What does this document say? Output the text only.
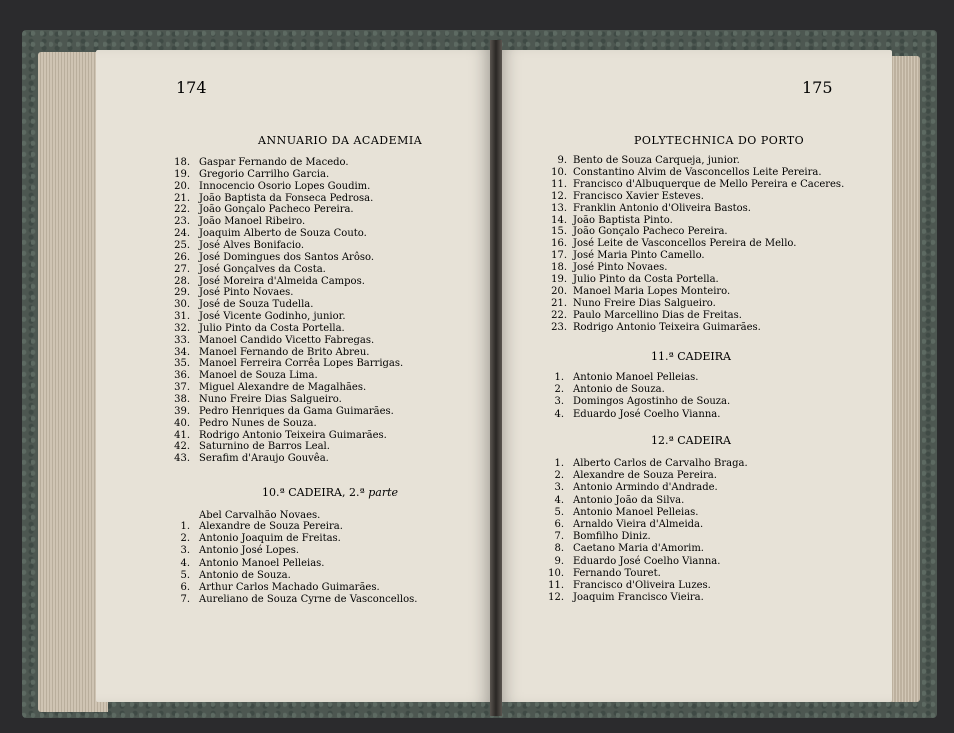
174
ANNUARIO DA ACADEMIA	POLYTECHNICA DO PORTO
175
18. Gaspar Fernando de Macedo.
19. Gregorio Carrilho Garcia.
20. Innocencio Osorio Lopes Goudim.
21. João Baptista da Fonseca Pedrosa.
22. João Gonçalo Pacheco Pereira.
23. João Manoel Ribeiro.
24. Joaquim Alberto de Souza Couto.
25. José Alves Bonifacio.
26. José Domingues dos Santos Arôso.
27. José Gonçalves da Costa.
28. José Moreira d'Almeida Campos.
29. José Pinto Novaes.
30. José de Souza Tudella.
31. José Vicente Godinho, junior.
32. Julio Pinto da Costa Portella.
33. Manoel Candido Vicetto Fabregas.
34. Manoel Fernando de Brito Abreu.
35. Manoel Ferreira Corrêa Lopes Barrigas.
36. Manoel de Souza Lima.
37. Miguel Alexandre de Magalhães.
38. Nuno Freire Dias Salgueiro.
39. Pedro Henriques da Gama Guimarães.
40. Pedro Nunes de Souza.
41. Rodrigo Antonio Teixeira Guimarães.
42. Saturnino de Barros Leal.
43. Serafim d'Araujo Gouvêa.
1. Alexandre de Souza Pereira.
2. Antonio Joaquim de Freitas.
3. Antonio José Lopes.
4. Antonio Manoel Pelleias.
5. Antonio de Souza.
6. Arthur Carlos Machado Guimarães.
7. Aureliano de Souza Cyrne de Vasconcellos.
9. Bento de Souza Carqueja, junior.
10. Constantino Alvim de Vasconcellos Leite Pereira.
11. Francisco d'Albuquerque de Mello Pereira e Caceres.
12. Francisco Xavier Esteves.
13. Franklin Antonio d'Oliveira Bastos.
14. João Baptista Pinto.
15. João Gonçalo Pacheco Pereira.
16. José Leite de Vasconcellos Pereira de Mello.
17. José Maria Pinto Camello.
18. José Pinto Novaes.
19. Julio Pinto da Costa Portella.
20. Manoel Maria Lopes Monteiro.
21. Nuno Freire Dias Salgueiro.
22. Paulo Marcellino Dias de Freitas.
23. Rodrigo Antonio Teixeira Guimarães.
1. Antonio Manoel Pelleias.
2. Antonio de Souza.
3. Domingos Agostinho de Souza.
4. Eduardo José Coelho Vianna.
1. Alberto Carlos de Carvalho Braga.
2. Alexandre de Souza Pereira.
3. Antonio Armindo d'Andrade.
4. Antonio João da Silva.
5. Antonio Manoel Pelleias.
6. Arnaldo Vieira d'Almeida.
7. Bomfilho Diniz.
8. Caetano Maria d'Amorim.
9. Eduardo José Coelho Vianna.
10. Fernando Touret.
11. Francisco d'Oliveira Luzes.
12. Joaquim Francisco Vieira.
10.ª CADEIRA, 2.ª parte
Abel Carvalhão Novaes.
11.ª CADEIRA
12.ª CADEIRA
